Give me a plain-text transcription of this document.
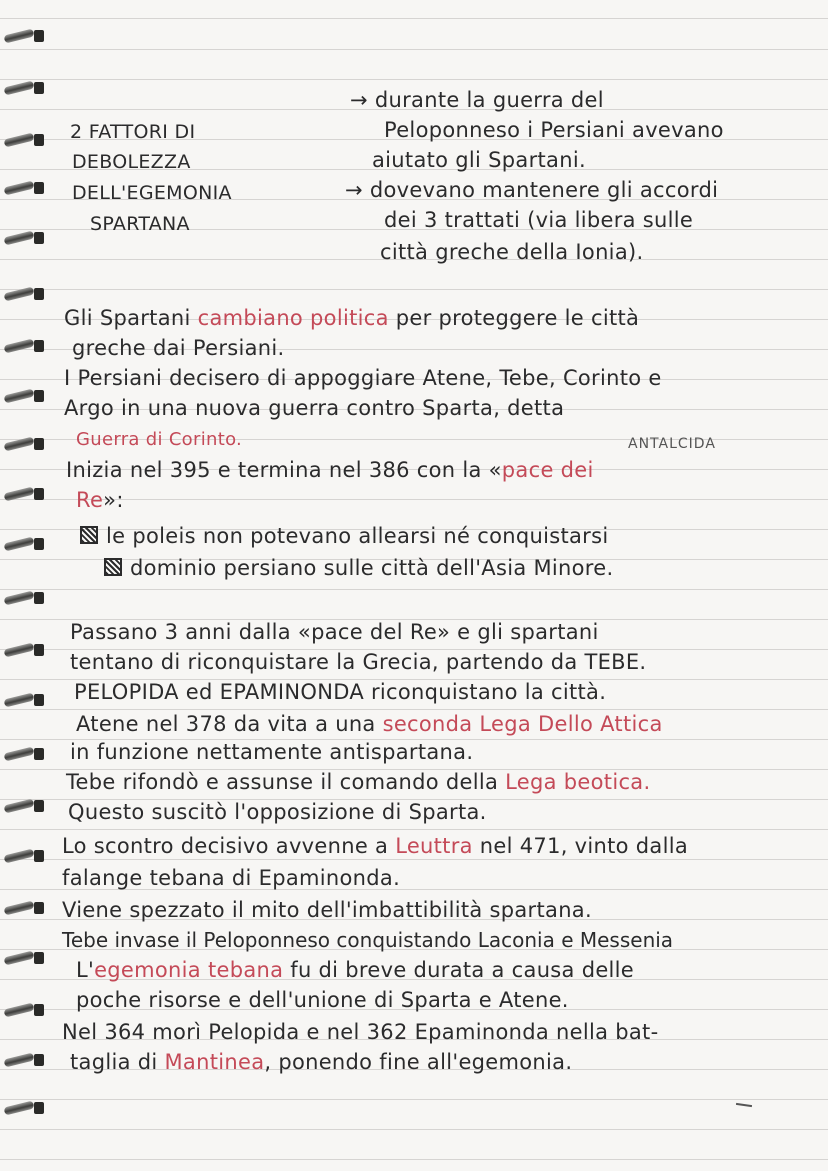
2 FATTORI DI
DEBOLEZZA
DELL'EGEMONIA
SPARTANA
→ durante la guerra del
Peloponneso i Persiani avevano
aiutato gli Spartani.
→ dovevano mantenere gli accordi
dei 3 trattati (via libera sulle
città greche della Ionia).
Gli Spartani cambiano politica per proteggere le città
greche dai Persiani.
I Persiani decisero di appoggiare Atene, Tebe, Corinto e
Argo in una nuova guerra contro Sparta, detta
Guerra di Corinto.	ANTALCIDA
Inizia nel 395 e termina nel 386 con la «pace dei
Re»:
le poleis non potevano allearsi né conquistarsi
dominio persiano sulle città dell'Asia Minore.
Passano 3 anni dalla «pace del Re» e gli spartani
tentano di riconquistare la Grecia, partendo da TEBE.
PELOPIDA ed EPAMINONDA riconquistano la città.
Atene nel 378 da vita a una seconda Lega Dello Attica
in funzione nettamente antispartana.
Tebe rifondò e assunse il comando della Lega beotica.
Questo suscitò l'opposizione di Sparta.
Lo scontro decisivo avvenne a Leuttra nel 471, vinto dalla
falange tebana di Epaminonda.
Viene spezzato il mito dell'imbattibilità spartana.
Tebe invase il Peloponneso conquistando Laconia e Messenia
L'egemonia tebana fu di breve durata a causa delle
poche risorse e dell'unione di Sparta e Atene.
Nel 364 morì Pelopida e nel 362 Epaminonda nella bat-
taglia di Mantinea, ponendo fine all'egemonia.
